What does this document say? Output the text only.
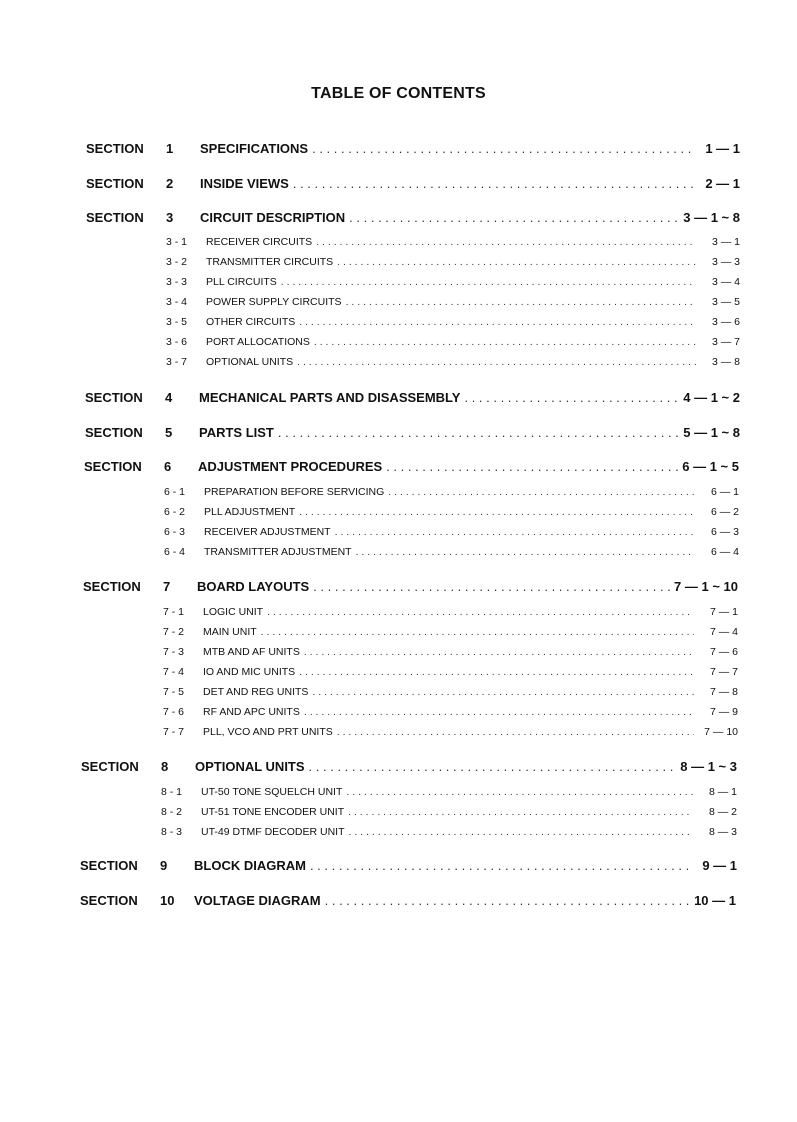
TABLE OF CONTENTS
SECTION	1	SPECIFICATIONS . . .	1 — 1
SECTION	2	INSIDE VIEWS . . .	2 — 1
SECTION	3	CIRCUIT DESCRIPTION . . .	3 — 1 ~ 8
3 - 1	RECEIVER CIRCUITS . . .	3 — 1
3 - 2	TRANSMITTER CIRCUITS . . .	3 — 3
3 - 3	PLL CIRCUITS . . .	3 — 4
3 - 4	POWER SUPPLY CIRCUITS . . .	3 — 5
3 - 5	OTHER CIRCUITS . . .	3 — 6
3 - 6	PORT ALLOCATIONS . . .	3 — 7
3 - 7	OPTIONAL UNITS . . .	3 — 8
SECTION	4	MECHANICAL PARTS AND DISASSEMBLY . . .	4 — 1 ~ 2
SECTION	5	PARTS LIST . . .	5 — 1 ~ 8
SECTION	6	ADJUSTMENT PROCEDURES . . .	6 — 1 ~ 5
6 - 1	PREPARATION BEFORE SERVICING . . .	6 — 1
6 - 2	PLL ADJUSTMENT . . .	6 — 2
6 - 3	RECEIVER ADJUSTMENT . . .	6 — 3
6 - 4	TRANSMITTER ADJUSTMENT . . .	6 — 4
SECTION	7	BOARD LAYOUTS . . .	7 — 1 ~ 10
7 - 1	LOGIC UNIT . . .	7 — 1
7 - 2	MAIN UNIT . . .	7 — 4
7 - 3	MTB AND AF UNITS . . .	7 — 6
7 - 4	IO AND MIC UNITS . . .	7 — 7
7 - 5	DET AND REG UNITS . . .	7 — 8
7 - 6	RF AND APC UNITS . . .	7 — 9
7 - 7	PLL, VCO AND PRT UNITS . . .	7 — 10
SECTION	8	OPTIONAL UNITS . . .	8 — 1 ~ 3
8 - 1	UT-50 TONE SQUELCH UNIT . . .	8 — 1
8 - 2	UT-51 TONE ENCODER UNIT . . .	8 — 2
8 - 3	UT-49 DTMF DECODER UNIT . . .	8 — 3
SECTION	9	BLOCK DIAGRAM . . .	9 — 1
SECTION	10	VOLTAGE DIAGRAM . . .	10 — 1
